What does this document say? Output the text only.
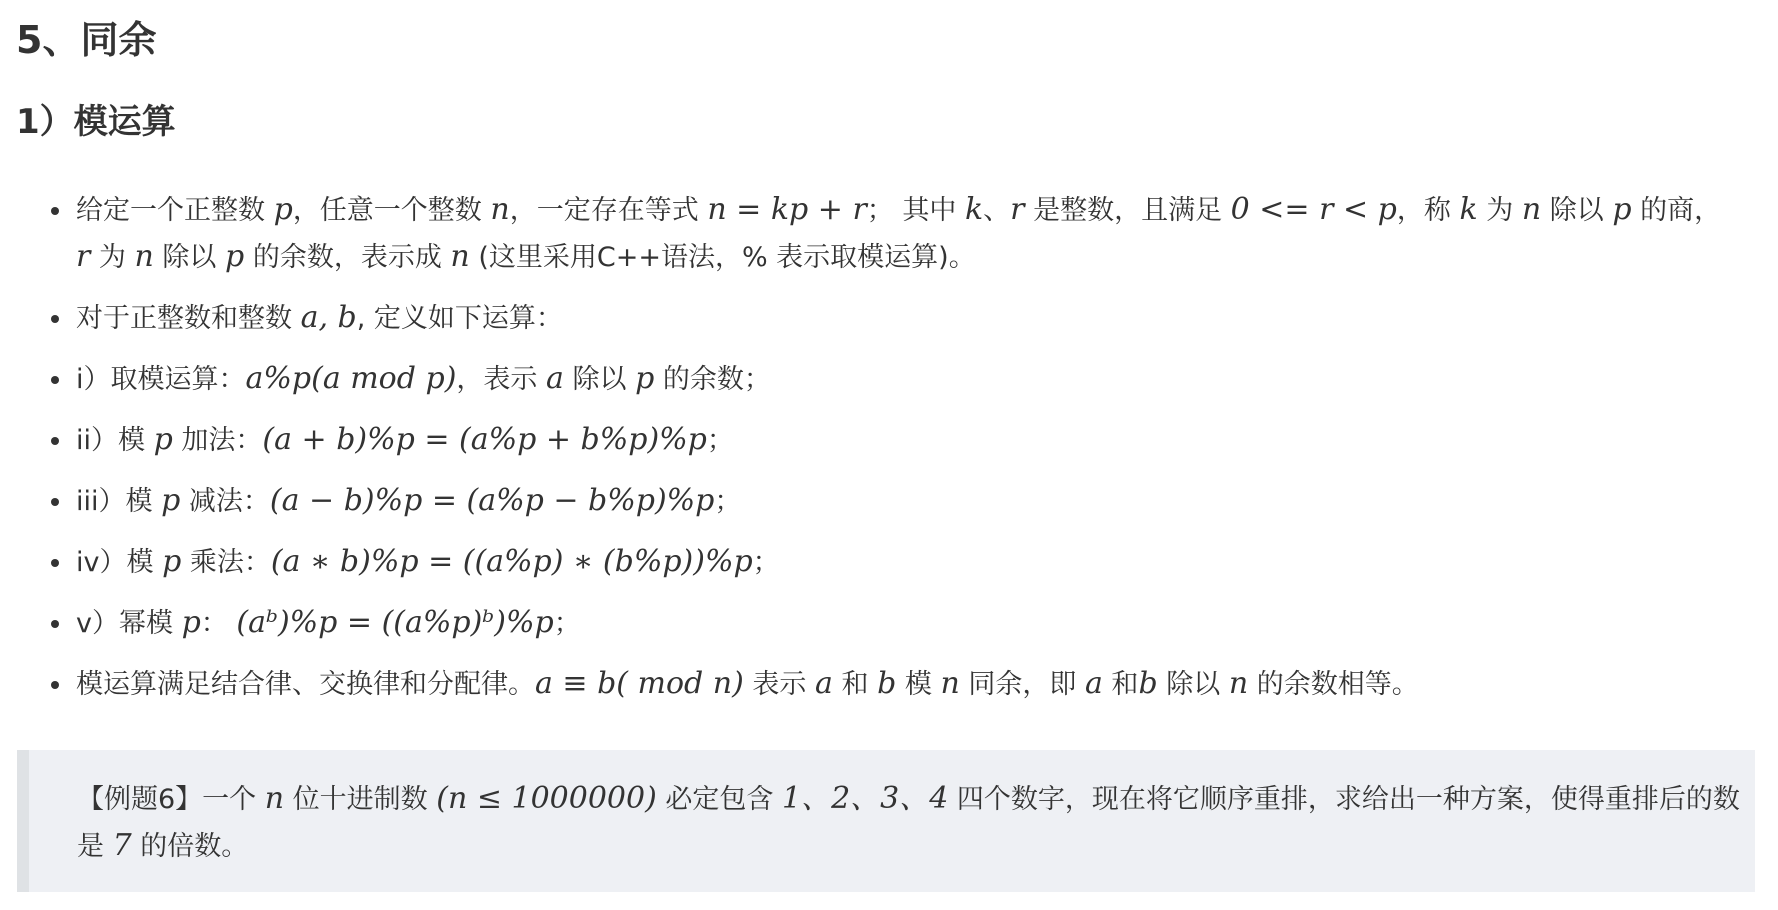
5、同余
1）模运算
给定一个正整数 p，任意一个整数 n，一定存在等式 n = kp + r； 其中 k、r 是整数，且满足 0 <= r < p，称 k 为 n 除以 p 的商， r 为 n 除以 p 的余数，表示成 n (这里采用C++语法，% 表示取模运算)。
对于正整数和整数 a, b, 定义如下运算：
i）取模运算：a%p(a mod p)，表示 a 除以 p 的余数；
ii）模 p 加法：(a + b)%p = (a%p + b%p)%p；
iii）模 p 减法：(a − b)%p = (a%p − b%p)%p；
iv）模 p 乘法：(a ∗ b)%p = ((a%p) ∗ (b%p))%p；
v）幂模 p： (aᵇ)%p = ((a%p)ᵇ)%p；
模运算满足结合律、交换律和分配律。a ≡ b( mod n) 表示 a 和 b 模 n 同余，即 a 和b 除以 n 的余数相等。

【例题6】一个 n 位十进制数 (n ≤ 1000000) 必定包含 1、2、3、4 四个数字，现在将它顺序重排，求给出一种方案，使得重排后的数是 7 的倍数。
